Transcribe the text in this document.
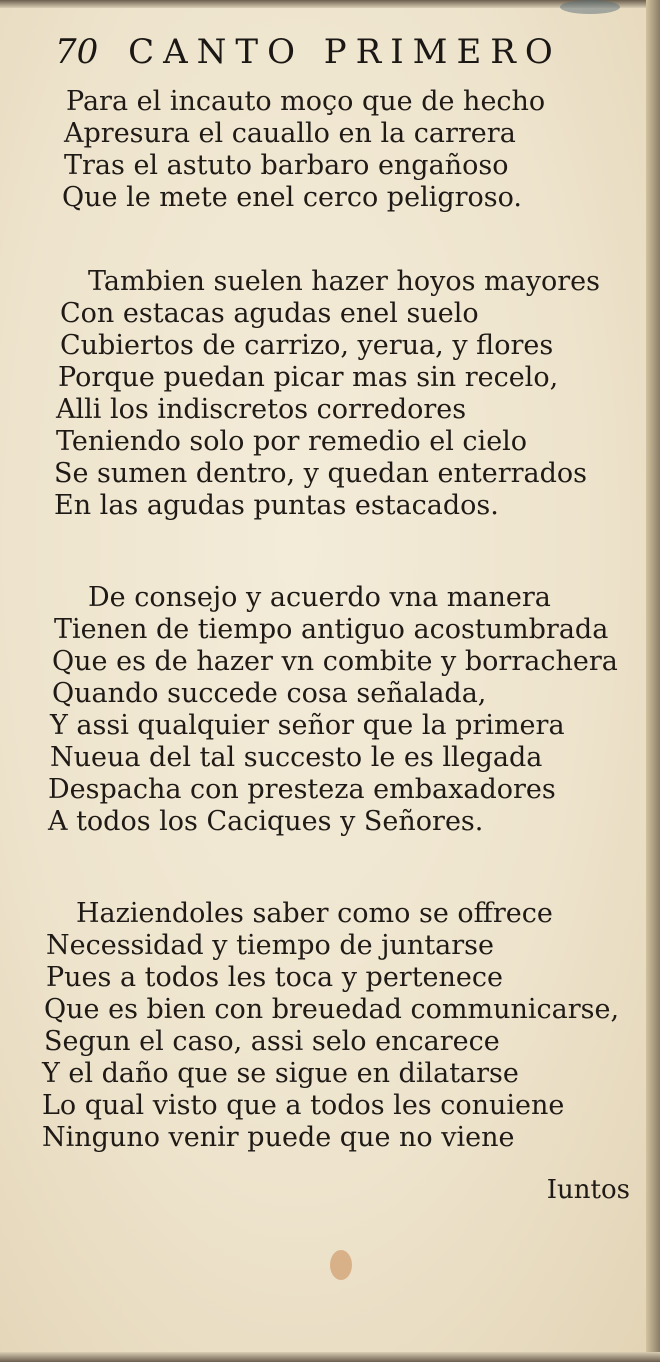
70 CANTO PRIMERO
Para el incauto moço que de hecho
Apresura el cauallo en la carrera
Tras el astuto barbaro engañoso
Que le mete enel cerco peligroso.
Tambien suelen hazer hoyos mayores
Con estacas agudas enel suelo
Cubiertos de carrizo, yerua, y flores
Porque puedan picar mas sin recelo,
Alli los indiscretos corredores
Teniendo solo por remedio el cielo
Se sumen dentro, y quedan enterrados
En las agudas puntas estacados.
De consejo y acuerdo vna manera
Tienen de tiempo antiguo acostumbrada
Que es de hazer vn combite y borrachera
Quando succede cosa señalada,
Y assi qualquier señor que la primera
Nueua del tal succesto le es llegada
Despacha con presteza embaxadores
A todos los Caciques y Señores.
Haziendoles saber como se offrece
Necessidad y tiempo de juntarse
Pues a todos les toca y pertenece
Que es bien con breuedad communicarse,
Segun el caso, assi selo encarece
Y el daño que se sigue en dilatarse
Lo qual visto que a todos les conuiene
Ninguno venir puede que no viene
Iuntos
